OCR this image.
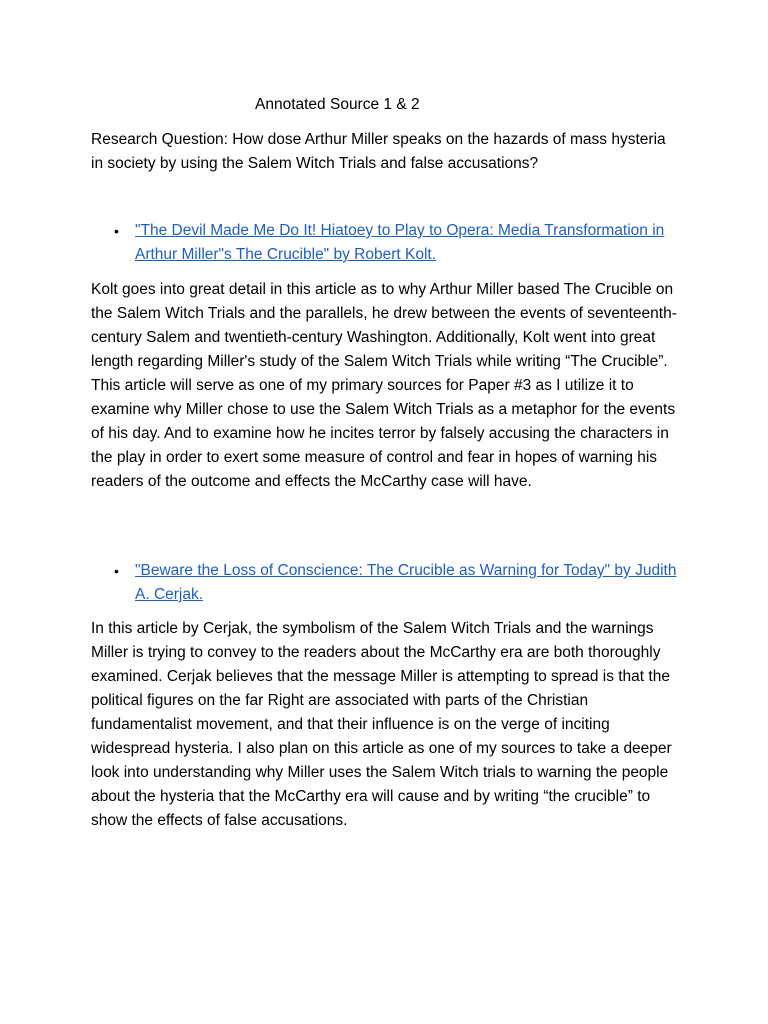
Annotated Source 1 & 2
Research Question: How dose Arthur Miller speaks on the hazards of mass hysteria in society by using the Salem Witch Trials and false accusations?
•	"The Devil Made Me Do It! Hiatoey to Play to Opera: Media Transformation in Arthur Miller"s The Crucible" by Robert Kolt.
Kolt goes into great detail in this article as to why Arthur Miller based The Crucible on the Salem Witch Trials and the parallels, he drew between the events of seventeenth-century Salem and twentieth-century Washington. Additionally, Kolt went into great length regarding Miller's study of the Salem Witch Trials while writing “The Crucible”. This article will serve as one of my primary sources for Paper #3 as I utilize it to examine why Miller chose to use the Salem Witch Trials as a metaphor for the events of his day. And to examine how he incites terror by falsely accusing the characters in the play in order to exert some measure of control and fear in hopes of warning his readers of the outcome and effects the McCarthy case will have.
•	"Beware the Loss of Conscience: The Crucible as Warning for Today" by Judith A. Cerjak.
In this article by Cerjak, the symbolism of the Salem Witch Trials and the warnings Miller is trying to convey to the readers about the McCarthy era are both thoroughly examined. Cerjak believes that the message Miller is attempting to spread is that the political figures on the far Right are associated with parts of the Christian fundamentalist movement, and that their influence is on the verge of inciting widespread hysteria. I also plan on this article as one of my sources to take a deeper look into understanding why Miller uses the Salem Witch trials to warning the people about the hysteria that the McCarthy era will cause and by writing “the crucible” to show the effects of false accusations.
